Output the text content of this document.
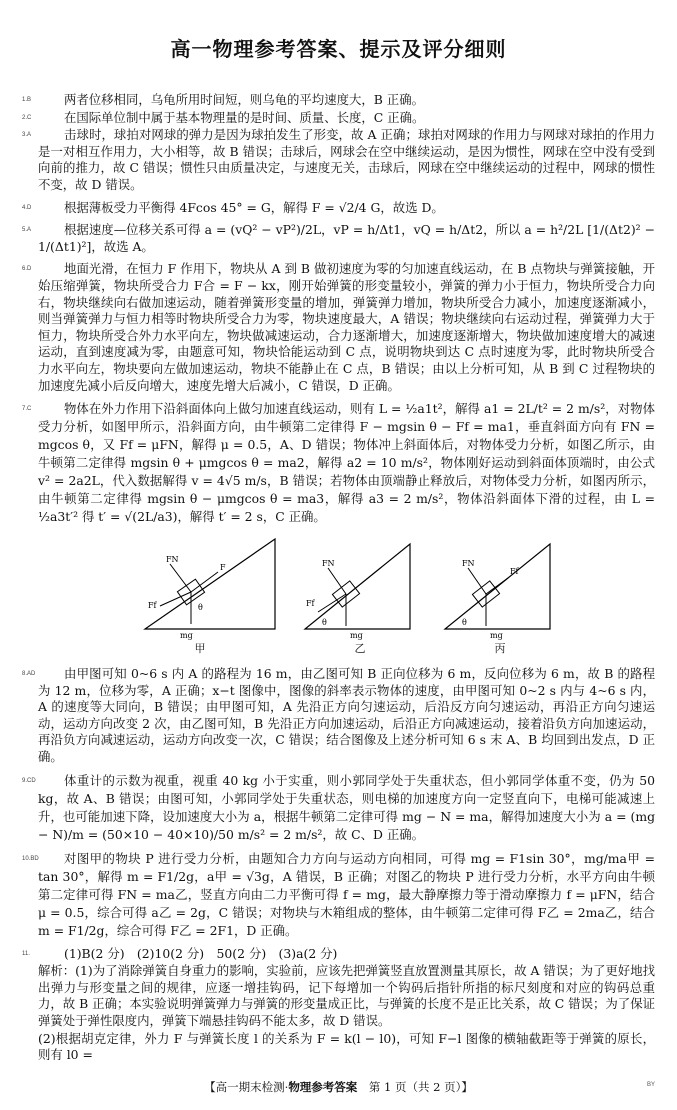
高一物理参考答案、提示及评分细则
1.B	两者位移相同，乌龟所用时间短，则乌龟的平均速度大，B 正确。
2.C	在国际单位制中属于基本物理量的是时间、质量、长度，C 正确。
3.A	击球时，球拍对网球的弹力是因为球拍发生了形变，故 A 正确；球拍对网球的作用力与网球对球拍的作用力是一对相互作用力，大小相等，故 B 错误；击球后，网球会在空中继续运动，是因为惯性，网球在空中没有受到向前的推力，故 C 错误；惯性只由质量决定，与速度无关，击球后，网球在空中继续运动的过程中，网球的惯性不变，故 D 错误。
4.D	根据薄板受力平衡得 4Fcos 45° = G，解得 F = √2/4 G，故选 D。
5.A	根据速度—位移关系可得 a = (vQ² − vP²)/2L，vP = h/Δt1，vQ = h/Δt2，所以 a = h²/2L [1/(Δt2)² − 1/(Δt1)²]，故选 A。
6.D	地面光滑，在恒力 F 作用下，物块从 A 到 B 做初速度为零的匀加速直线运动，在 B 点物块与弹簧接触，开始压缩弹簧，物块所受合力 F合 = F − kx，刚开始弹簧的形变量较小，弹簧的弹力小于恒力，物块所受合力向右，物块继续向右做加速运动，随着弹簧形变量的增加，弹簧弹力增加，物块所受合力减小，加速度逐渐减小，则当弹簧弹力与恒力相等时物块所受合力为零，物块速度最大，A 错误；物块继续向右运动过程，弹簧弹力大于恒力，物块所受合外力水平向左，物块做减速运动，合力逐渐增大，加速度逐渐增大，物块做加速度增大的减速运动，直到速度减为零，由题意可知，物块恰能运动到 C 点，说明物块到达 C 点时速度为零，此时物块所受合力水平向左，物块要向左做加速运动，物块不能静止在 C 点，B 错误；由以上分析可知，从 B 到 C 过程物块的加速度先减小后反向增大，速度先增大后减小，C 错误，D 正确。
7.C	物体在外力作用下沿斜面体向上做匀加速直线运动，则有 L = ½a1t²，解得 a1 = 2L/t² = 2 m/s²，对物体受力分析，如图甲所示，沿斜面方向，由牛顿第二定律得 F − mgsin θ − Ff = ma1，垂直斜面方向有 FN = mgcos θ，又 Ff = μFN，解得 μ = 0.5，A、D 错误；物体冲上斜面体后，对物体受力分析，如图乙所示，由牛顿第二定律得 mgsin θ + μmgcos θ = ma2，解得 a2 = 10 m/s²，物体刚好运动到斜面体顶端时，由公式 v² = 2a2L，代入数据解得 v = 4√5 m/s，B 错误；若物体由顶端静止释放后，对物体受力分析，如图丙所示，由牛顿第二定律得 mgsin θ − μmgcos θ = ma3，解得 a3 = 2 m/s²，物体沿斜面体下滑的过程，由 L = ½a3t′² 得 t′ = √(2L/a3)，解得 t′ = 2 s，C 正确。
mg
FN
Ff
F
θ
甲
mg
FN
Ff
θ
乙
mg
FN
Ff
θ
丙
8.AD 由甲图可知 0~6 s 内 A 的路程为 16 m，由乙图可知 B 正向位移为 6 m，反向位移为 6 m，故 B 的路程为 12 m，位移为零，A 正确；x−t 图像中，图像的斜率表示物体的速度，由甲图可知 0~2 s 内与 4~6 s 内，A 的速度等大同向，B 错误；由甲图可知，A 先沿正方向匀速运动，后沿反方向匀速运动，再沿正方向匀速运动，运动方向改变 2 次，由乙图可知，B 先沿正方向加速运动，后沿正方向减速运动，接着沿负方向加速运动，再沿负方向减速运动，运动方向改变一次，C 错误；结合图像及上述分析可知 6 s 末 A、B 均回到出发点，D 正确。
9.CD 体重计的示数为视重，视重 40 kg 小于实重，则小郭同学处于失重状态，但小郭同学体重不变，仍为 50 kg，故 A、B 错误；由图可知，小郭同学处于失重状态，则电梯的加速度方向一定竖直向下，电梯可能减速上升，也可能加速下降，设加速度大小为 a，根据牛顿第二定律可得 mg − N = ma，解得加速度大小为 a = (mg − N)/m = (50×10 − 40×10)/50 m/s² = 2 m/s²，故 C、D 正确。
10.BD 对图甲的物块 P 进行受力分析，由题知合力方向与运动方向相同，可得 mg = F1sin 30°，mg/ma甲 = tan 30°，解得 m = F1/2g，a甲 = √3g，A 错误，B 正确；对图乙的物块 P 进行受力分析，水平方向由牛顿第二定律可得 FN = ma乙，竖直方向由二力平衡可得 f = mg，最大静摩擦力等于滑动摩擦力 f = μFN，结合 μ = 0.5，综合可得 a乙 = 2g，C 错误；对物块与木箱组成的整体，由牛顿第二定律可得 F乙 = 2ma乙，结合 m = F1/2g，综合可得 F乙 = 2F1，D 正确。
11.	(1)B(2 分)　(2)10(2 分)　50(2 分)　(3)a(2 分)
解析：(1)为了消除弹簧自身重力的影响，实验前，应该先把弹簧竖直放置测量其原长，故 A 错误；为了更好地找出弹力与形变量之间的规律，应逐一增挂钩码，记下每增加一个钩码后指针所指的标尺刻度和对应的钩码总重力，故 B 正确；本实验说明弹簧弹力与弹簧的形变量成正比，与弹簧的长度不是正比关系，故 C 错误；为了保证弹簧处于弹性限度内，弹簧下端悬挂钩码不能太多，故 D 错误。
(2)根据胡克定律，外力 F 与弹簧长度 l 的关系为 F = k(l − l0)，可知 F−l 图像的横轴截距等于弹簧的原长，则有 l0 =
【高一期末检测·物理参考答案　 第 1 页（共 2 页）】	BY
